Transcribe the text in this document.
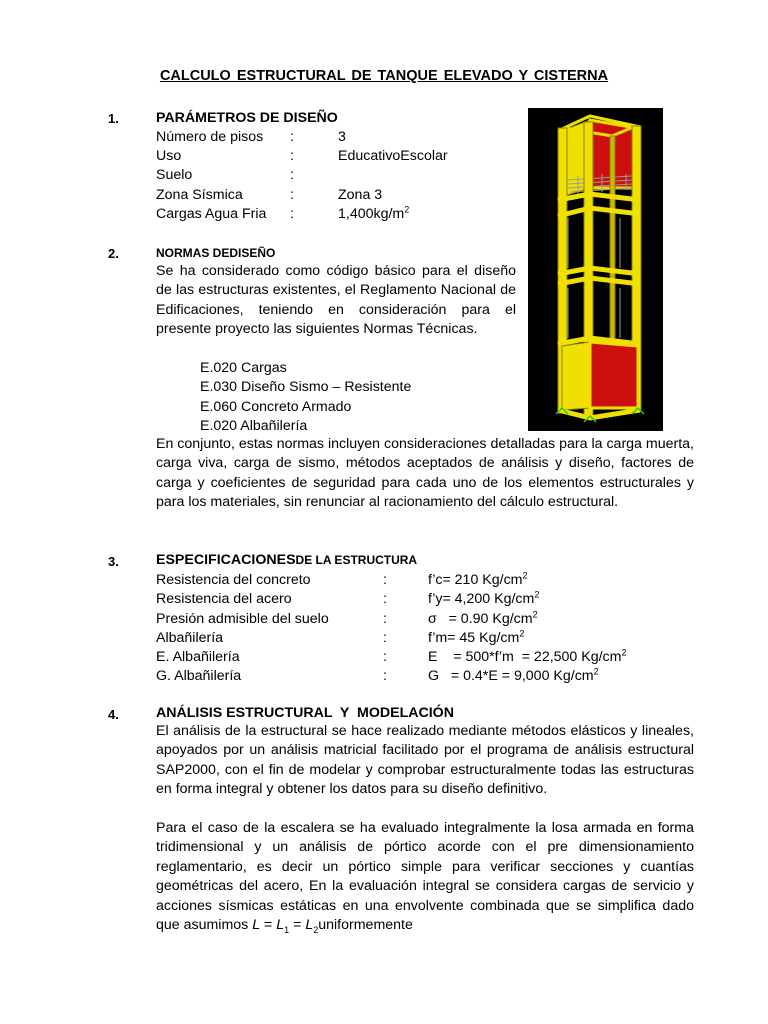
CALCULO ESTRUCTURAL DE TANQUE ELEVADO Y CISTERNA
1.	PARÁMETROS DE DISEÑO
Número de pisos :	3
Uso	:	EducativoEscolar
Suelo	:
Zona Sísmica	:	Zona 3
Cargas Agua Fria :	$1,400kg/m^2$
2.	NORMAS DEDISEÑO
Se ha considerado como código básico para el diseño de las estructuras existentes, el Reglamento Nacional de Edificaciones, teniendo en consideración para el presente proyecto las siguientes Normas Técnicas.
E.020 Cargas
E.030 Diseño Sismo – Resistente
E.060 Concreto Armado
E.020 Albañilería
En conjunto, estas normas incluyen consideraciones detalladas para la carga muerta, carga viva, carga de sismo, métodos aceptados de análisis y diseño, factores de carga y coeficientes de seguridad para cada uno de los elementos estructurales y para los materiales, sin renunciar al racionamiento del cálculo estructural.
3.	ESPECIFICACIONESDE LA ESTRUCTURA
Resistencia del concreto	:	f’c= 210 $Kg/cm^2$
Resistencia del acero	:	f’y= 4,200 $Kg/cm^2$
Presión admisible del suelo	:	σ   = 0.90 $Kg/cm^2$
Albañilería	:	f’m= 45 $Kg/cm^2$
E. Albañilería	:	E    = 500*f’m  = 22,500 $Kg/cm^2$
G. Albañilería	:	G   = 0.4*E = 9,000 $Kg/cm^2$
4.	ANÁLISIS ESTRUCTURAL  Y  MODELACIÓN
El análisis de la estructural se hace realizado mediante métodos elásticos y lineales, apoyados por un análisis matricial facilitado por el programa de análisis estructural SAP2000, con el fin de modelar y comprobar estructuralmente todas las estructuras en forma integral y obtener los datos para su diseño definitivo.
Para el caso de la escalera se ha evaluado integralmente la losa armada en forma tridimensional y un análisis de pórtico acorde con el pre dimensionamiento reglamentario, es decir un pórtico simple para verificar secciones y cuantías geométricas del acero, En la evaluación integral se considera cargas de servicio y acciones sísmicas estáticas en una envolvente combinada que se simplifica dado que asumimos $L = L_1$ = $L_2uniformemente$
